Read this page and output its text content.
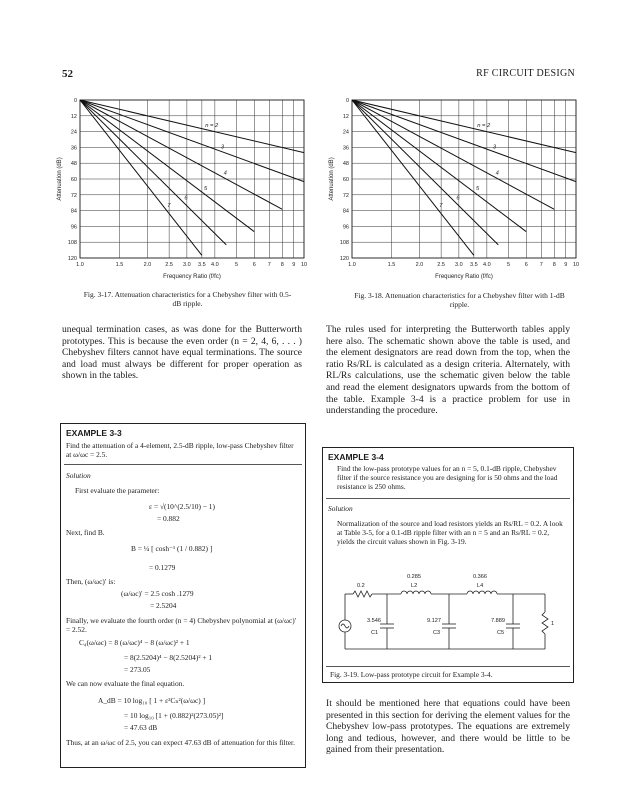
52	RF CIRCUIT DESIGN
0
12
24
36
48
60
72
84
96
108
120
1.0	1.5	2.0	2.5 3.0 3.5 4.0	5	6 7 8 9 10
Frequency Ratio (f/fc)
Attenuation (dB)
n = 2
3
4
5
6
7
Fig. 3-17. Attenuation characteristics for a Chebyshev filter with 0.5-dB ripple.
0
12
24
36
48
60
72
84
96
108
120
1.0	1.5	2.0	2.5 3.0 3.5 4.0	5	6 7 8 9 10
Frequency Ratio (f/fc)
Attenuation (dB)
n = 2
3
4
5
6
7
Fig. 3-18. Attenuation characteristics for a Chebyshev filter with 1-dB ripple.
unequal termination cases, as was done for the Butterworth prototypes. This is because the even order (n = 2, 4, 6, . . . ) Chebyshev filters cannot have equal terminations. The source and load must always be different for proper operation as shown in the tables.
EXAMPLE 3-3
Find the attenuation of a 4-element, 2.5-dB ripple, low-pass Chebyshev filter at ω/ωc = 2.5.
Solution
First evaluate the parameter:
ε = √(10^(2.5/10) − 1)
= 0.882
Next, find B.
B = ¼ [ cosh⁻¹ (1 / 0.882) ]
= 0.1279
Then, (ω/ωc)′ is:
(ω/ωc)′ = 2.5 cosh .1279
= 2.5204
Finally, we evaluate the fourth order (n = 4) Chebyshev polynomial at (ω/ωc)′ = 2.52.
C₄(ω/ωc) = 8 (ω/ωc)⁴ − 8 (ω/ωc)² + 1
= 8(2.5204)⁴ − 8(2.5204)² + 1
= 273.05
We can now evaluate the final equation.
A_dB = 10 log₁₀ [ 1 + ε²Cₙ²(ω/ωc) ]
= 10 log₁₀ [1 + (0.882)²(273.05)²]
= 47.63 dB
Thus, at an ω/ωc of 2.5, you can expect 47.63 dB of attenuation for this filter.
The rules used for interpreting the Butterworth tables apply here also. The schematic shown above the table is used, and the element designators are read down from the top, when the ratio Rs/RL is calculated as a design criteria. Alternately, with RL/Rs calculations, use the schematic given below the table and read the element designators upwards from the bottom of the table. Example 3-4 is a practice problem for use in understanding the procedure.
EXAMPLE 3-4
Find the low-pass prototype values for an n = 5, 0.1-dB ripple, Chebyshev filter if the source resistance you are designing for is 50 ohms and the load resistance is 250 ohms.
Solution
Normalization of the source and load resistors yields an Rs/RL = 0.2. A look at Table 3-5, for a 0.1-dB ripple filter with an n = 5 and an Rs/RL = 0.2, yields the circuit values shown in Fig. 3-19.
0.2
0.285
L2
0.366
L4
3.546
C1
9.127
C3
7.889
C5
1
Fig. 3-19. Low-pass prototype circuit for Example 3-4.
It should be mentioned here that equations could have been presented in this section for deriving the element values for the Chebyshev low-pass prototypes. The equations are extremely long and tedious, however, and there would be little to be gained from their presentation.
